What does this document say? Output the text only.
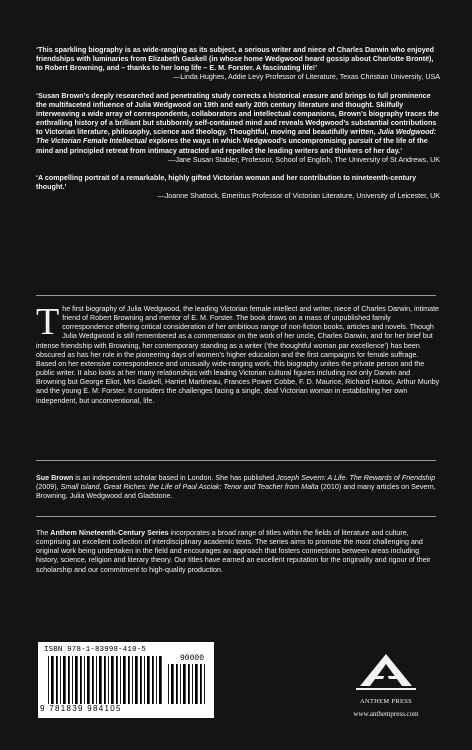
‘This sparkling biography is as wide-ranging as its subject, a serious writer and niece of Charles Darwin who enjoyed friendships with luminaries from Elizabeth Gaskell (in whose home Wedgwood heard gossip about Charlotte Brontë), to Robert Browning, and – thanks to her long life – E. M. Forster. A fascinating life!’
—Linda Hughes, Addie Levy Professor of Literature, Texas Christian University, USA
‘Susan Brown’s deeply researched and penetrating study corrects a historical erasure and brings to full prominence the multifaceted influence of Julia Wedgwood on 19th and early 20th century literature and thought. Skilfully interweaving a wide array of correspondents, collaborators and intellectual companions, Brown’s biography traces the enthralling history of a brilliant but stubbornly self-contained mind and reveals Wedgwood’s substantial contributions to Victorian literature, philosophy, science and theology. Thoughtful, moving and beautifully written, Julia Wedgwood: The Victorian Female Intellectual explores the ways in which Wedgwood’s uncompromising pursuit of the life of the mind and principled retreat from intimacy attracted and repelled the leading writers and thinkers of her day.’
—Jane Susan Stabler, Professor, School of English, The University of St Andrews, UK
‘A compelling portrait of a remarkable, highly gifted Victorian woman and her contribution to nineteenth-century thought.’
—Joanne Shattock, Emeritus Professor of Victorian Literature, University of Leicester, UK
T he first biography of Julia Wedgwood, the leading Victorian female intellect and writer, niece of Charles Darwin, intimate friend of Robert Browning and mentor of E. M. Forster. The book draws on a mass of unpublished family correspondence offering critical consideration of her ambitious range of non-fiction books, articles and novels. Though Julia Wedgwood is still remembered as a commentator on the work of her uncle, Charles Darwin, and for her brief but intense friendship with Browning, her contemporary standing as a writer (‘the thoughtful woman par excellence’) has been obscured as has her role in the pioneering days of women’s higher education and the first campaigns for female suffrage. Based on her extensive correspondence and unusually wide-ranging work, this biography unites the private person and the public writer. It also looks at her many relationships with leading Victorian cultural figures including not only Darwin and Browning but George Eliot, Mrs Gaskell, Harriet Martineau, Frances Power Cobbe, F. D. Maurice, Richard Hutton, Arthur Munby and the young E. M. Forster. It considers the challenges facing a single, deaf Victorian woman in establishing her own independent, but unconventional, life.
Sue Brown is an independent scholar based in London. She has published Joseph Severn: A Life. The Rewards of Friendship (2009), Small Island, Great Riches: the Life of Paul Asciak: Tenor and Teacher from Malta (2010) and many articles on Severn, Browning, Julia Wedgwood and Gladstone.
The Anthem Nineteenth-Century Series incorporates a broad range of titles within the fields of literature and culture, comprising an excellent collection of interdisciplinary academic texts. The series aims to promote the most challenging and original work being undertaken in the field and encourages an approach that fosters connections between areas including history, science, religion and literary theory. Our titles have earned an excellent reputation for the originality and rigour of their scholarship and our commitment to high-quality production.
ISBN 978-1-83998-410-5
90000
9 781839 984105
ANTHEM PRESS
www.anthempress.com
